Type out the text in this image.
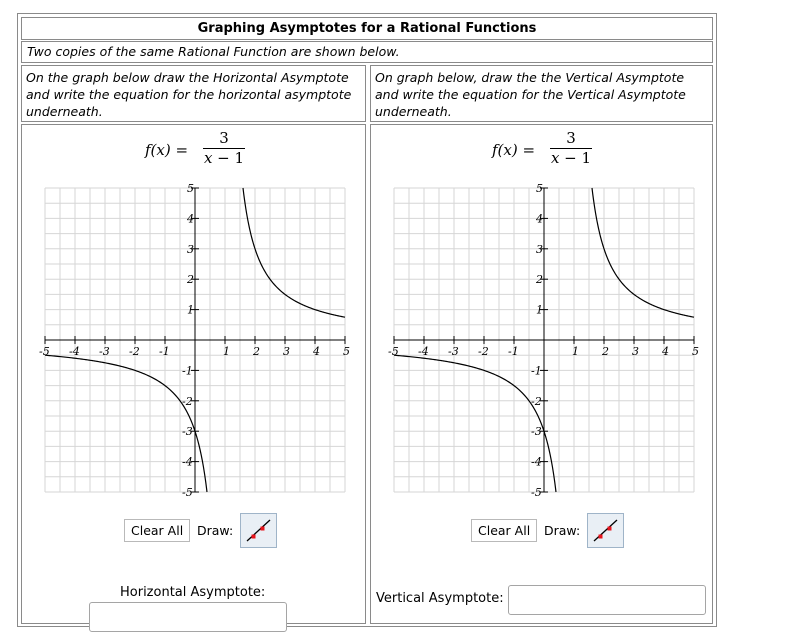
Graphing Asymptotes for a Rational Functions
Two copies of the same Rational Function are shown below.
On the graph below draw the Horizontal Asymptote and write the equation for the horizontal asymptote underneath.
On graph below, draw the the Vertical Asymptote and write the equation for the Vertical Asymptote underneath.
f(x) =
3
x − 1
-5 -4 -3 -2 -1	1 2 3 4 5
5
4
3
2
1
-1
-2
-3
-4
-5
Clear All	Draw:
Horizontal Asymptote:
f(x) =
3
x − 1
-5 -4 -3 -2 -1	1 2 3 4 5
5
4
3
2
1
-1
-2
-3
-4
-5
Clear All	Draw:
Vertical Asymptote:
